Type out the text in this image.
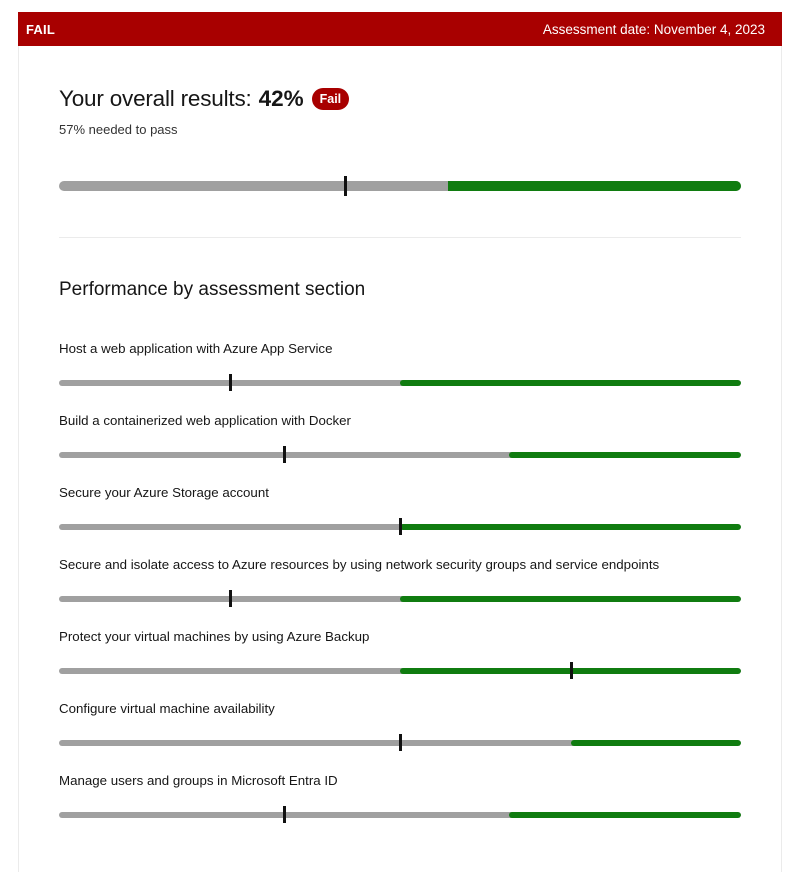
FAIL	Assessment date: November 4, 2023
Your overall results: 42%	Fail
57% needed to pass
Performance by assessment section
Host a web application with Azure App Service
Build a containerized web application with Docker
Secure your Azure Storage account
Secure and isolate access to Azure resources by using network security groups and service endpoints
Protect your virtual machines by using Azure Backup
Configure virtual machine availability
Manage users and groups in Microsoft Entra ID
